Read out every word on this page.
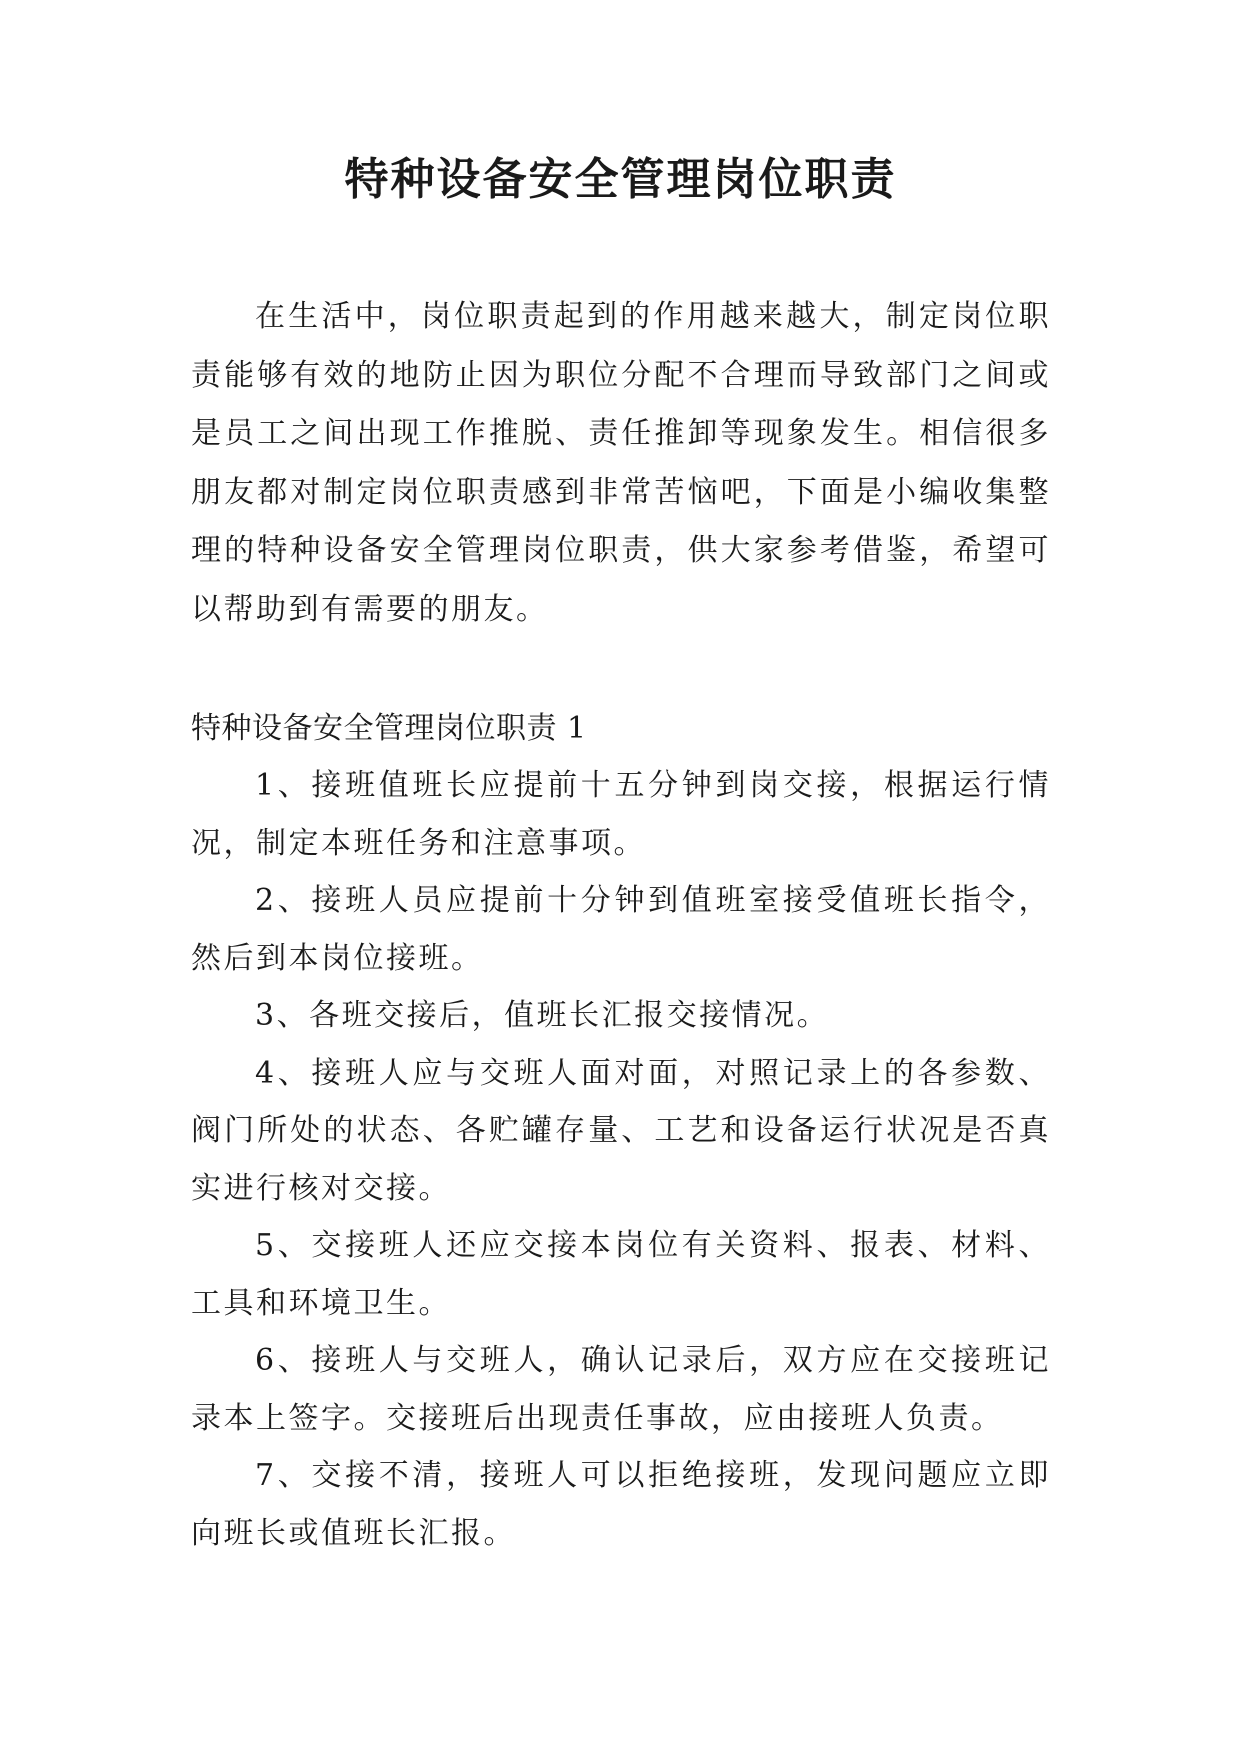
特种设备安全管理岗位职责

在生活中，岗位职责起到的作用越来越大，制定岗位职责能够有效的地防止因为职位分配不合理而导致部门之间或是员工之间出现工作推脱、责任推卸等现象发生。相信很多朋友都对制定岗位职责感到非常苦恼吧，下面是小编收集整理的特种设备安全管理岗位职责，供大家参考借鉴，希望可以帮助到有需要的朋友。

特种设备安全管理岗位职责 1

1、接班值班长应提前十五分钟到岗交接，根据运行情况，制定本班任务和注意事项。
2、接班人员应提前十分钟到值班室接受值班长指令，然后到本岗位接班。
3、各班交接后，值班长汇报交接情况。
4、接班人应与交班人面对面，对照记录上的各参数、阀门所处的状态、各贮罐存量、工艺和设备运行状况是否真实进行核对交接。
5、交接班人还应交接本岗位有关资料、报表、材料、工具和环境卫生。
6、接班人与交班人，确认记录后，双方应在交接班记录本上签字。交接班后出现责任事故，应由接班人负责。
7、交接不清，接班人可以拒绝接班，发现问题应立即向班长或值班长汇报。
